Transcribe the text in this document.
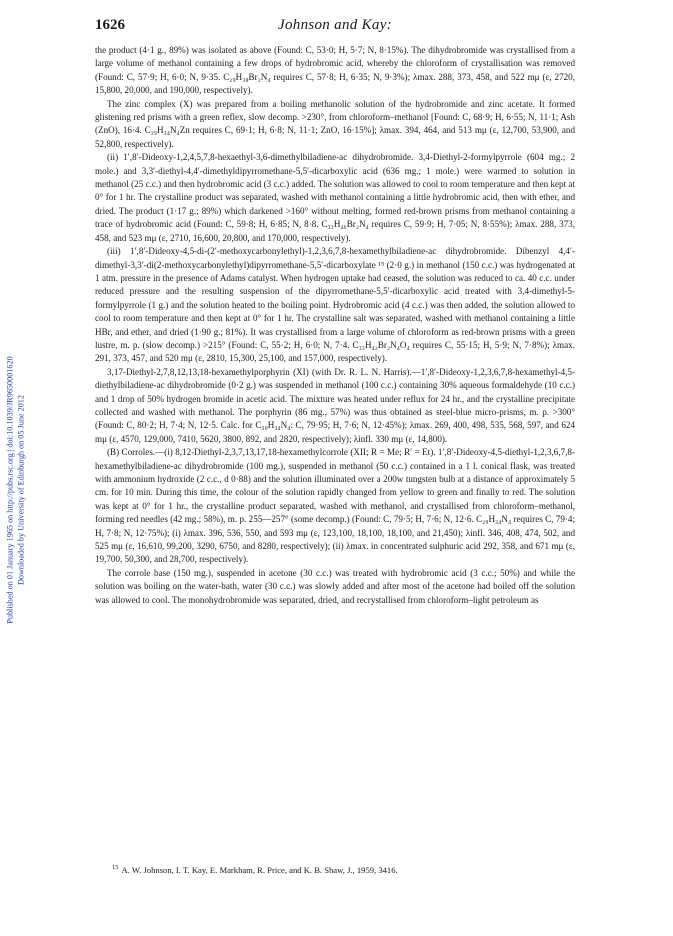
1626	Johnson and Kay:
Published on 01 January 1965 on http://pubs.rsc.org | doi:10.1039/JR9650001620 Downloaded by University of Edinburgh on 05 June 2012

the product (4·1 g., 89%) was isolated as above (Found: C, 53·0; H, 5·7; N, 8·15%). The dihydrobromide was crystallised from a large volume of methanol containing a few drops of hydrobromic acid, whereby the chloroform of crystallisation was removed (Found: C, 57·9; H, 6·0; N, 9·35. C₂₉H₃₈Br₂N₄ requires C, 57·8; H, 6·35; N, 9·3%); λmax. 288, 373, 458, and 522 mμ (ε, 2720, 15,800, 20,000, and 190,000, respectively).

The zinc complex (X) was prepared from a boiling methanolic solution of the hydrobromide and zinc acetate. It formed glistening red prisms with a green reflex, slow decomp. >230°, from chloroform–methanol [Found: C, 68·9; H, 6·55; N, 11·1; Ash (ZnO), 16·4. C₂₉H₃₄N₄Zn requires C, 69·1; H, 6·8; N, 11·1; ZnO, 16·15%]; λmax. 394, 464, and 513 mμ (ε, 12,700, 53,900, and 52,800, respectively).

(ii) 1′,8′-Dideoxy-1,2,4,5,7,8-hexaethyl-3,6-dimethylbiladiene-ac dihydrobromide. 3,4-Diethyl-2-formylpyrrole (604 mg.; 2 mole.) and 3,3′-diethyl-4,4′-dimethyldipyrromethane-5,5′-dicarboxylic acid (636 mg.; 1 mole.) were warmed to solution in methanol (25 c.c.) and then hydrobromic acid (3 c.c.) added. The solution was allowed to cool to room temperature and then kept at 0° for 1 hr. The crystalline product was separated, washed with methanol containing a little hydrobromic acid, then with ether, and dried. The product (1·17 g.; 89%) which darkened >160° without melting, formed red-brown prisms from methanol containing a trace of hydrobromic acid (Found: C, 59·8; H, 6·85; N, 8·8. C₃₃H₄₆Br₂N₄ requires C, 59·9; H, 7·05; N, 8·55%); λmax. 288, 373, 458, and 523 mμ (ε, 2710, 16,600, 20,800, and 170,000, respectively).

(iii) 1′,8′-Dideoxy-4,5-di-(2′-methoxycarbonylethyl)-1,2,3,6,7,8-hexamethylbiladiene-ac dihydrobromide. Dibenzyl 4,4′-dimethyl-3,3′-di(2-methoxycarbonylethyl)dipyrromethane-5,5′-dicarboxylate ¹⁵ (2·0 g.) in methanol (150 c.c.) was hydrogenated at 1 atm. pressure in the presence of Adams catalyst. When hydrogen uptake had ceased, the solution was reduced to ca. 40 c.c. under reduced pressure and the resulting suspension of the dipyrromethane-5,5′-dicarboxylic acid treated with 3,4-dimethyl-5-formylpyrrole (1 g.) and the solution heated to the boiling point. Hydrobromic acid (4 c.c.) was then added, the solution allowed to cool to room temperature and then kept at 0° for 1 hr. The crystalline salt was separated, washed with methanol containing a little HBr, and ether, and dried (1·90 g.; 81%). It was crystallised from a large volume of chloroform as red-brown prisms with a green lustre, m. p. (slow decomp.) >215° (Found: C, 55·2; H, 6·0; N, 7·4. C₃₃H₄₂Br₂N₄O₄ requires C, 55·15; H, 5·9; N, 7·8%); λmax. 291, 373, 457, and 520 mμ (ε, 2810, 15,300, 25,100, and 157,000, respectively).

3,17-Diethyl-2,7,8,12,13,18-hexamethylporphyrin (XI) (with Dr. R. L. N. Harris).—1′,8′-Dideoxy-1,2,3,6,7,8-hexamethyl-4,5-diethylbiladiene-ac dihydrobromide (0·2 g.) was suspended in methanol (100 c.c.) containing 30% aqueous formaldehyde (10 c.c.) and 1 drop of 50% hydrogen bromide in acetic acid. The mixture was heated under reflux for 24 hr., and the crystalline precipitate collected and washed with methanol. The porphyrin (86 mg., 57%) was thus obtained as steel-blue micro-prisms, m. p. >300° (Found: C, 80·2; H, 7·4; N, 12·5. Calc. for C₃₀H₃₄N₄: C, 79·95; H, 7·6; N, 12·45%); λmax. 269, 400, 498, 535, 568, 597, and 624 mμ (ε, 4570, 129,000, 7410, 5620, 3800, 892, and 2820, respectively); λinfl. 330 mμ (ε, 14,800).

(B) Corroles.—(i) 8,12-Diethyl-2,3,7,13,17,18-hexamethylcorrole (XII; R = Me; R′ = Et). 1′,8′-Dideoxy-4,5-diethyl-1,2,3,6,7,8-hexamethylbiladiene-ac dihydrobromide (100 mg.), suspended in methanol (50 c.c.) contained in a 1 l. conical flask, was treated with ammonium hydroxide (2 c.c., d 0·88) and the solution illuminated over a 200w tungsten bulb at a distance of approximately 5 cm. for 10 min. During this time, the colour of the solution rapidly changed from yellow to green and finally to red. The solution was kept at 0° for 1 hr., the crystalline product separated, washed with methanol, and crystallised from chloroform–methanol, forming red needles (42 mg.; 58%), m. p. 255—257° (some decomp.) (Found: C, 79·5; H, 7·6; N, 12·6. C₂₉H₃₄N₄ requires C, 79·4; H, 7·8; N, 12·75%); (i) λmax. 396, 536, 550, and 593 mμ (ε, 123,100, 18,100, 18,100, and 21,450); λinfl. 346, 408, 474, 502, and 525 mμ (ε, 16,610, 99,200, 3290, 6750, and 8280, respectively); (ii) λmax. in concentrated sulphuric acid 292, 358, and 671 mμ (ε, 19,700, 50,300, and 28,700, respectively).

The corrole base (150 mg.), suspended in acetone (30 c.c.) was treated with hydrobromic acid (3 c.c.; 50%) and while the solution was boiling on the water-bath, water (30 c.c.) was slowly added and after most of the acetone had boiled off the solution was allowed to cool. The monohydrobromide was separated, dried, and recrystallised from chloroform–light petroleum as

$^{15}$ A. W. Johnson, I. T. Kay, E. Markham, R. Price, and K. B. Shaw, J., 1959, 3416.
